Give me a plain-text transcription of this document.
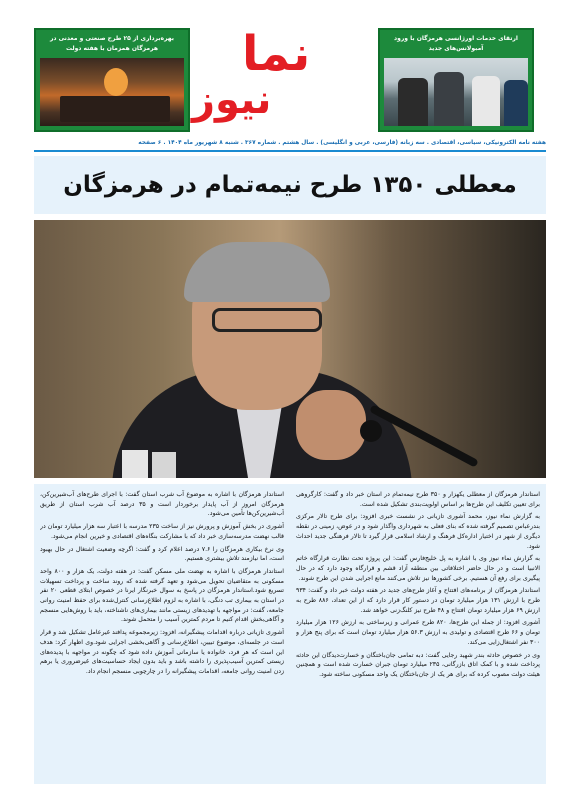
بهره‌برداری از ۲۵ طرح صنعتی و معدنی در هرمزگان همزمان با هفته دولت	نما
نیوز
ارتقای خدمات اورژانسی هرمزگان با ورود آمبولانس‌های جدید
هفته نامه الکترونیکی، سیاسی، اقتصادی . سه زبانه (فارسی، عربی و انگلیسی) . سال هشتم . شماره ۳۶۷ . شنبه ۸ شهریور ماه ۱۴۰۴ . ۶ صفحه
معطلی ۱۳۵۰ طرح نیمه‌تمام در هرمزگان

استاندار هرمزگان از معطلی یکهزار و ۳۵۰ طرح نیمه‌تمام در استان خبر داد و گفت: کارگروهی برای تعیین تکلیف این طرح‌ها بر اساس اولویت‌بندی تشکیل شده است.

به گزارش نماء نیوز، محمد آشوری تازیانی در نشست خبری افزود: برای طرح تالار مرکزی بندرعباس تصمیم گرفته شده که بنای فعلی به شهرداری واگذار شود و در عوض، زمینی در نقطه دیگری از شهر در اختیار اداره‌کل فرهنگ و ارشاد اسلامی قرار گیرد تا تالار فرهنگی جدید احداث شود.

به گزارش نماء نیوز وی با اشاره به پل خلیج‌فارس گفت: این پروژه تحت نظارت قرارگاه خاتم الانبیا است و در حال حاضر اختلافاتی بین منطقه آزاد قشم و قرارگاه وجود دارد که در حال پیگیری برای رفع آن هستیم. برخی کشورها نیز تلاش می‌کنند مانع اجرایی شدن این طرح شوند.

استاندار هرمزگان از برنامه‌های افتتاح و آغاز طرح‌های جدید در هفته دولت خبر داد و گفت: ۹۳۴ طرح با ارزش ۱۳۱ هزار میلیارد تومان در دستور کار قرار دارد که از این تعداد، ۸۸۶ طرح به ارزش ۶۹ هزار میلیارد تومان افتتاح و ۴۸ طرح نیز کلنگ‌زنی خواهد شد.

آشوری افزود: از جمله این طرح‌ها، ۸۲۰ طرح عمرانی و زیرساختی به ارزش ۱۲۶ هزار میلیارد تومان و ۶۶ طرح اقتصادی و تولیدی به ارزش ۵۶.۳ هزار میلیارد تومان است که برای پنج هزار و ۳۰۰ نفر اشتغال‌زایی می‌کند.

وی در خصوص حادثه بندر شهید رجایی گفت: دبه تمامی جان‌باختگان و خسارت‌دیدگان این حادثه پرداخت شده و با کمک اتاق بازرگانی، ۲۳۵ میلیارد تومان جبران خسارت شده است و همچنین هیئت دولت مصوب کرده که برای هر یک از جان‌باختگان یک واحد مسکونی ساخته شود.

استاندار هرمزگان با اشاره به موضوع آب شرب استان گفت: با اجرای طرح‌های آب‌شیرین‌کن، هرمزگان امروز از آب پایدار برخوردار است و ۳۵ درصد آب شرب استان از طریق آب‌شیرین‌کن‌ها تأمین می‌شود.

آشوری در بخش آموزش و پرورش نیز از ساخت ۲۳۵ مدرسه با اعتبار سه هزار میلیارد تومان در قالب نهضت مدرسه‌سازی خبر داد که با مشارکت بنگاه‌های اقتصادی و خیرین انجام می‌شود.

وی نرخ بیکاری هرمزگان را ۷.۶ درصد اعلام کرد و گفت: اگرچه وضعیت اشتغال در حال بهبود است، اما نیازمند تلاش بیشتری هستیم.

استاندار هرمزگان با اشاره به نهضت ملی مسکن گفت: در هفته دولت، یک هزار و ۸۰۰ واحد مسکونی به متقاضیان تحویل می‌شود و تعهد گرفته شده که روند ساخت و پرداخت تسهیلات تسریع شود.استاندار هرمزگان در پاسخ به سوال خبرنگار ایرنا در خصوص ابتلای قطعی ۲۰ نفر در استان به بیماری تب دنگی، با اشاره به لزوم اطلاع‌رسانی کنترل‌شده برای حفظ امنیت روانی جامعه، گفت: در مواجهه با تهدیدهای زیستی مانند بیماری‌های ناشناخته، باید با روش‌هایی منسجم و آگاهی‌بخش اقدام کنیم تا مردم کمترین آسیب را متحمل شوند.

آشوری تازیانی درباره اقدامات پیشگیرانه، افزود: زیرمجموعه پدافند غیرعامل تشکیل شد و قرار است در جلسه‌ای، موضوع تبیین، اطلاع‌رسانی و آگاهی‌بخشی اجرایی شود.وی اظهار کرد: هدف این است که هر فرد، خانواده یا سازمانی آموزش داده شود که چگونه در مواجهه با پدیده‌های زیستی کمترین آسیب‌پذیری را داشته باشد و باید بدون ایجاد حساسیت‌های غیرضروری یا برهم زدن امنیت روانی جامعه، اقدامات پیشگیرانه را در چارچوبی منسجم انجام داد.
